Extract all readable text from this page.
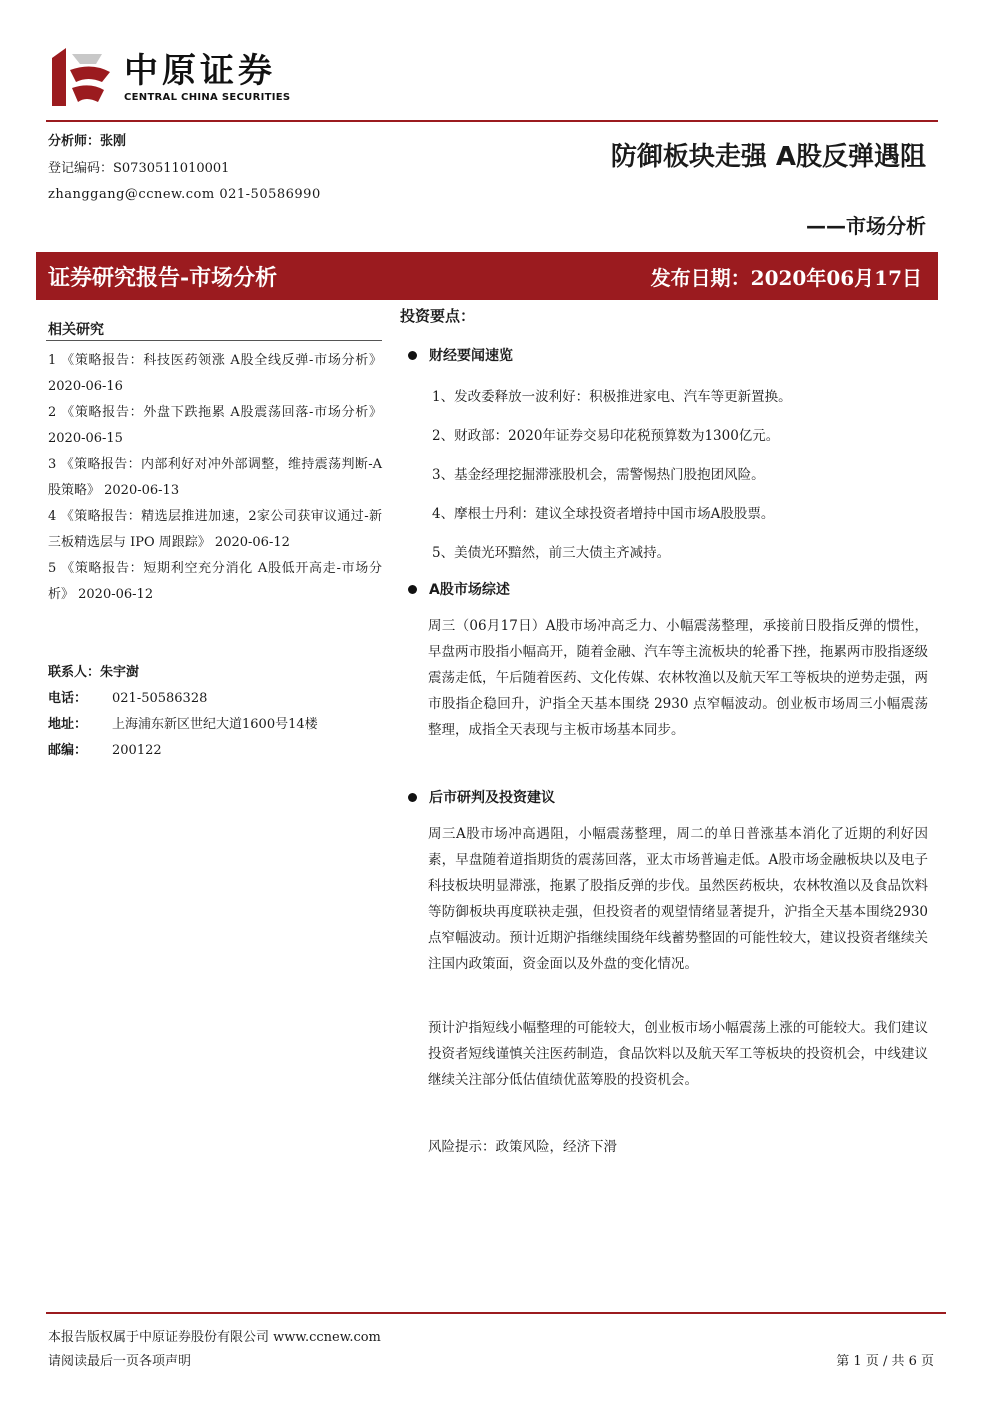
中原证券
CENTRAL CHINA SECURITIES
分析师：张刚
登记编码：S0730511010001
zhanggang@ccnew.com 021-50586990
防御板块走强 A股反弹遇阻
——市场分析
证券研究报告-市场分析	发布日期：2020年06月17日
相关研究
1 《策略报告：科技医药领涨 A股全线反弹-市场分析》 2020-06-16
2 《策略报告：外盘下跌拖累 A股震荡回落-市场分析》 2020-06-15
3 《策略报告：内部利好对冲外部调整，维持震荡判断-A股策略》 2020-06-13
4 《策略报告：精选层推进加速，2家公司获审议通过-新三板精选层与 IPO 周跟踪》 2020-06-12
5 《策略报告：短期利空充分消化 A股低开高走-市场分析》 2020-06-12
联系人：朱宇澍
电话： 021-50586328
地址： 上海浦东新区世纪大道1600号14楼
邮编： 200122
投资要点：
财经要闻速览
1、发改委释放一波利好：积极推进家电、汽车等更新置换。
2、财政部：2020年证券交易印花税预算数为1300亿元。
3、基金经理挖掘滞涨股机会，需警惕热门股抱团风险。
4、摩根士丹利：建议全球投资者增持中国市场A股股票。
5、美债光环黯然，前三大债主齐减持。
A股市场综述

周三（06月17日）A股市场冲高乏力、小幅震荡整理，承接前日股指反弹的惯性，早盘两市股指小幅高开，随着金融、汽车等主流板块的轮番下挫，拖累两市股指逐级震荡走低，午后随着医药、文化传媒、农林牧渔以及航天军工等板块的逆势走强，两市股指企稳回升，沪指全天基本围绕 2930 点窄幅波动。创业板市场周三小幅震荡整理，成指全天表现与主板市场基本同步。

后市研判及投资建议

周三A股市场冲高遇阻，小幅震荡整理，周二的单日普涨基本消化了近期的利好因素，早盘随着道指期货的震荡回落，亚太市场普遍走低。A股市场金融板块以及电子科技板块明显滞涨，拖累了股指反弹的步伐。虽然医药板块，农林牧渔以及食品饮料等防御板块再度联袂走强，但投资者的观望情绪显著提升，沪指全天基本围绕2930点窄幅波动。预计近期沪指继续围绕年线蓄势整固的可能性较大，建议投资者继续关注国内政策面，资金面以及外盘的变化情况。

预计沪指短线小幅整理的可能较大，创业板市场小幅震荡上涨的可能较大。我们建议投资者短线谨慎关注医药制造，食品饮料以及航天军工等板块的投资机会，中线建议继续关注部分低估值绩优蓝筹股的投资机会。

风险提示：政策风险，经济下滑

本报告版权属于中原证券股份有限公司 www.ccnew.com
请阅读最后一页各项声明	第 1 页 / 共 6 页
